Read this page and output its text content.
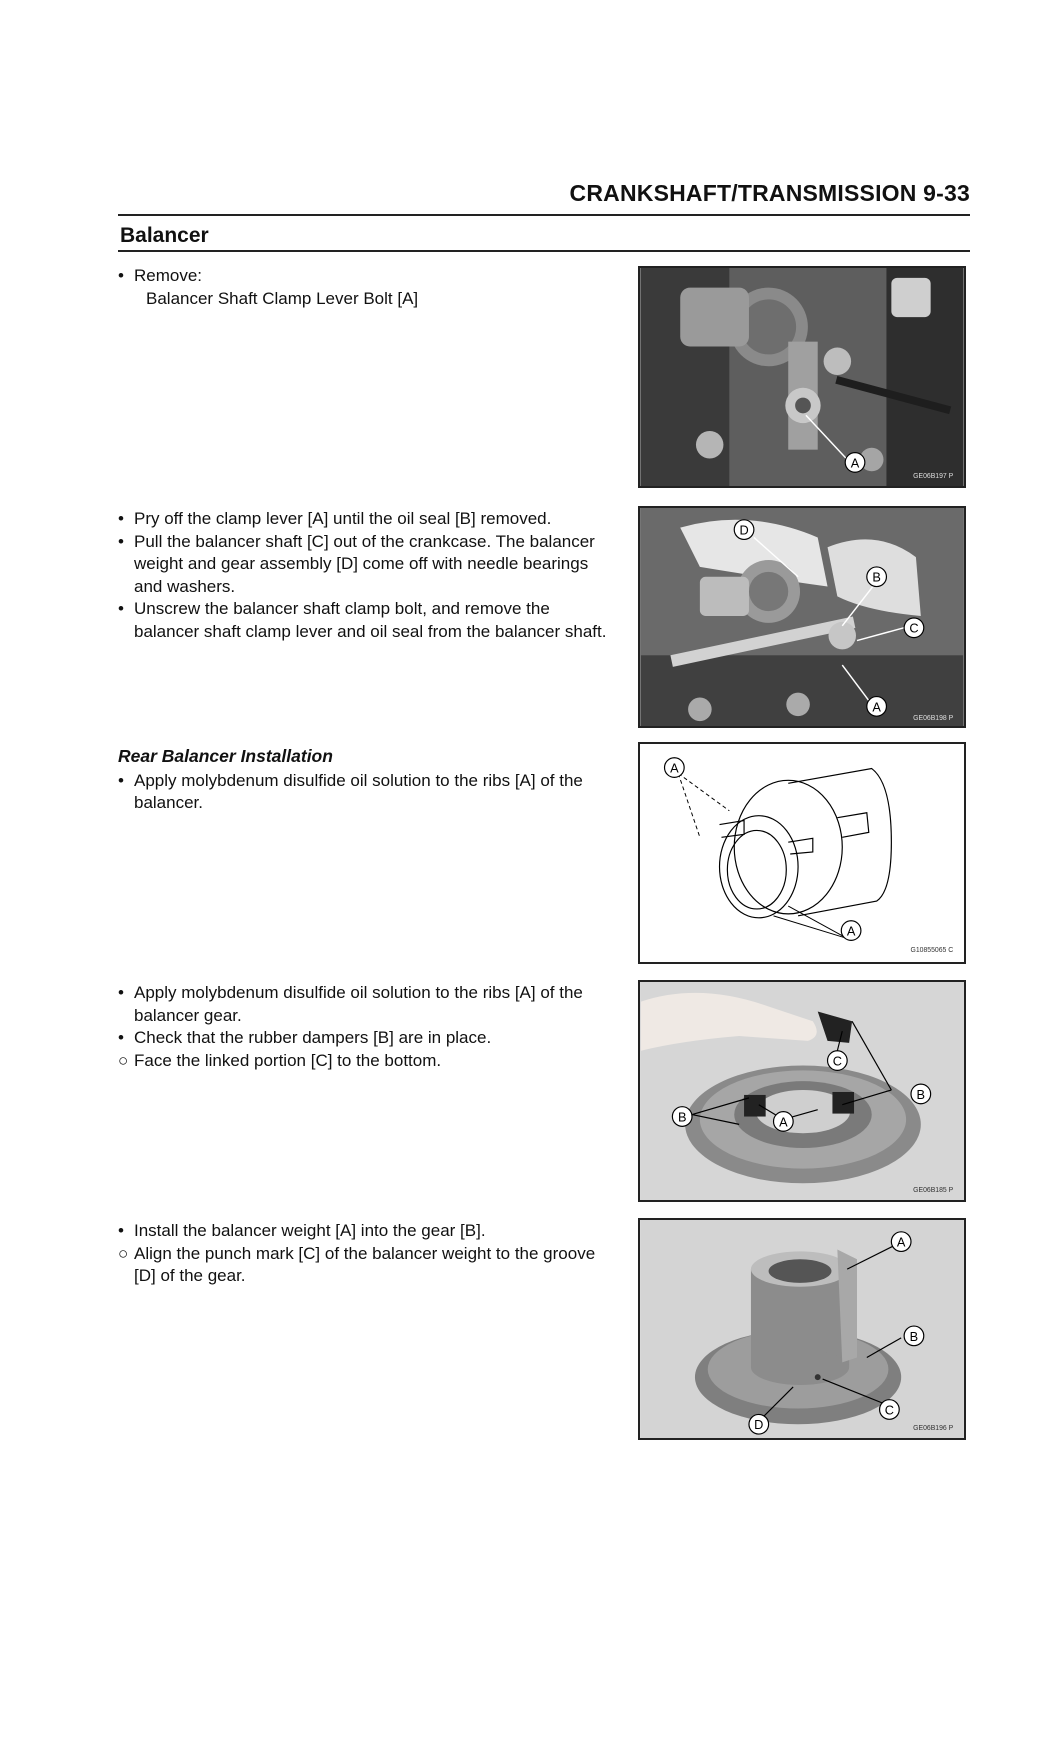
CRANKSHAFT/TRANSMISSION 9-33
Balancer
• Remove:
Balancer Shaft Clamp Lever Bolt [A]
A
GE06B197 P
• Pry off the clamp lever [A] until the oil seal [B] removed.
• Pull the balancer shaft [C] out of the crankcase. The balancer weight and gear assembly [D] come off with needle bearings and washers.
• Unscrew the balancer shaft clamp bolt, and remove the balancer shaft clamp lever and oil seal from the balancer shaft.
D
B
C
A
GE06B198 P
Rear Balancer Installation
• Apply molybdenum disulfide oil solution to the ribs [A] of the balancer.
A
A
G10855065 C
• Apply molybdenum disulfide oil solution to the ribs [A] of the balancer gear.
• Check that the rubber dampers [B] are in place.
○ Face the linked portion [C] to the bottom.	C
B	A
B
GE06B185 P
• Install the balancer weight [A] into the gear [B].
○ Align the punch mark [C] of the balancer weight to the groove [D] of the gear.
A
B
C
D	GE06B196 P
